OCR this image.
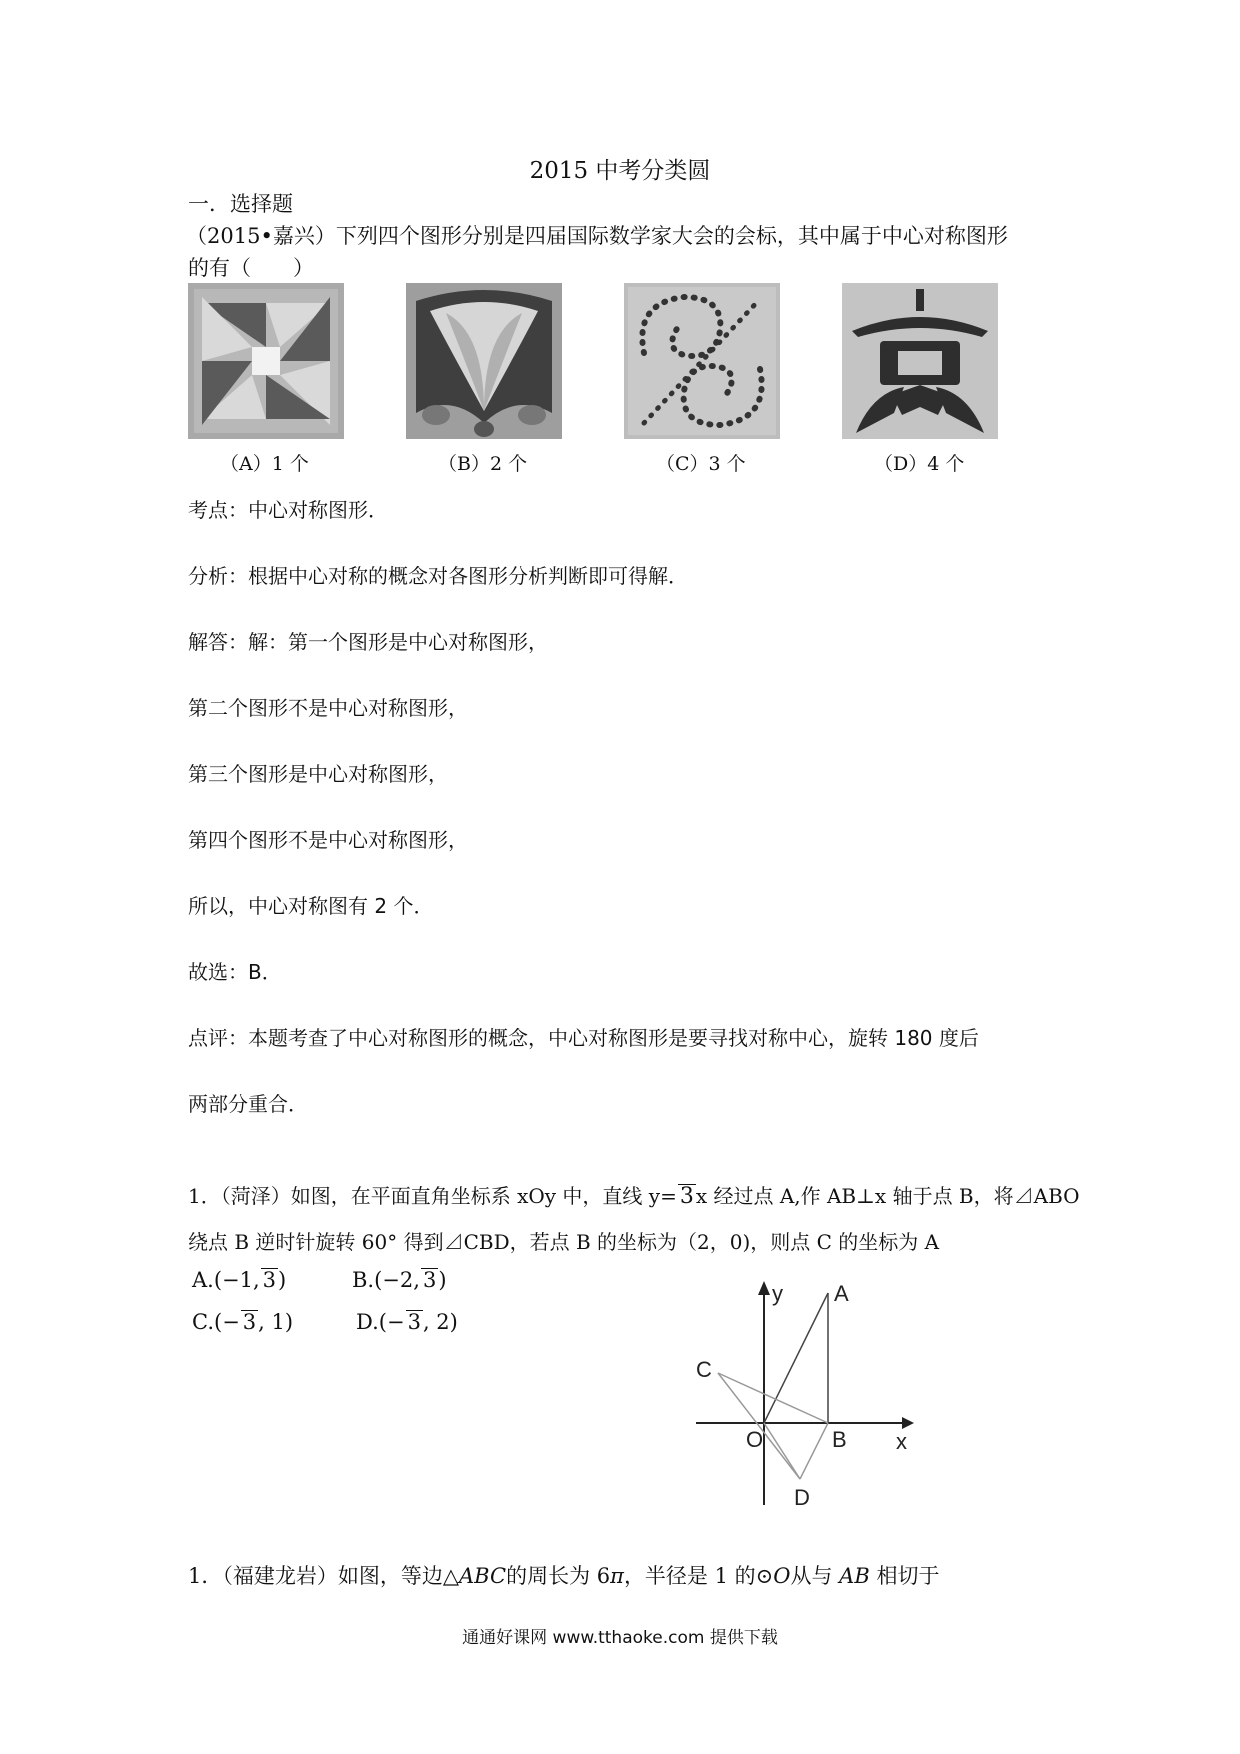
2015 中考分类圆
一．选择题
（2015•嘉兴）下列四个图形分别是四届国际数学家大会的会标，其中属于中心对称图形
的有（　　）
（A）1 个	（B）2 个	（C）3 个	（D）4 个
考点：中心对称图形．
分析：根据中心对称的概念对各图形分析判断即可得解．
解答：解：第一个图形是中心对称图形，
第二个图形不是中心对称图形，
第三个图形是中心对称图形，
第四个图形不是中心对称图形，
所以，中心对称图有 2 个．
故选：B．
点评：本题考查了中心对称图形的概念，中心对称图形是要寻找对称中心，旋转 180 度后
两部分重合．
1．（菏泽）如图，在平面直角坐标系 xOy 中，直线 y= 3 x 经过点 A,作 AB⊥x 轴于点 B，将⊿ABO
绕点 B 逆时针旋转 60° 得到⊿CBD，若点 B 的坐标为（2，0)，则点 C 的坐标为 A
A.(−1, 3)	B.(−2, 3)
C.(− 3, 1)	D.(− 3, 2)
y A
C
O	B x
D
1．（福建龙岩）如图，等边△ABC的周长为 6π，半径是 1 的⊙O从与 AB 相切于
通通好课网 www.tthaoke.com 提供下载
